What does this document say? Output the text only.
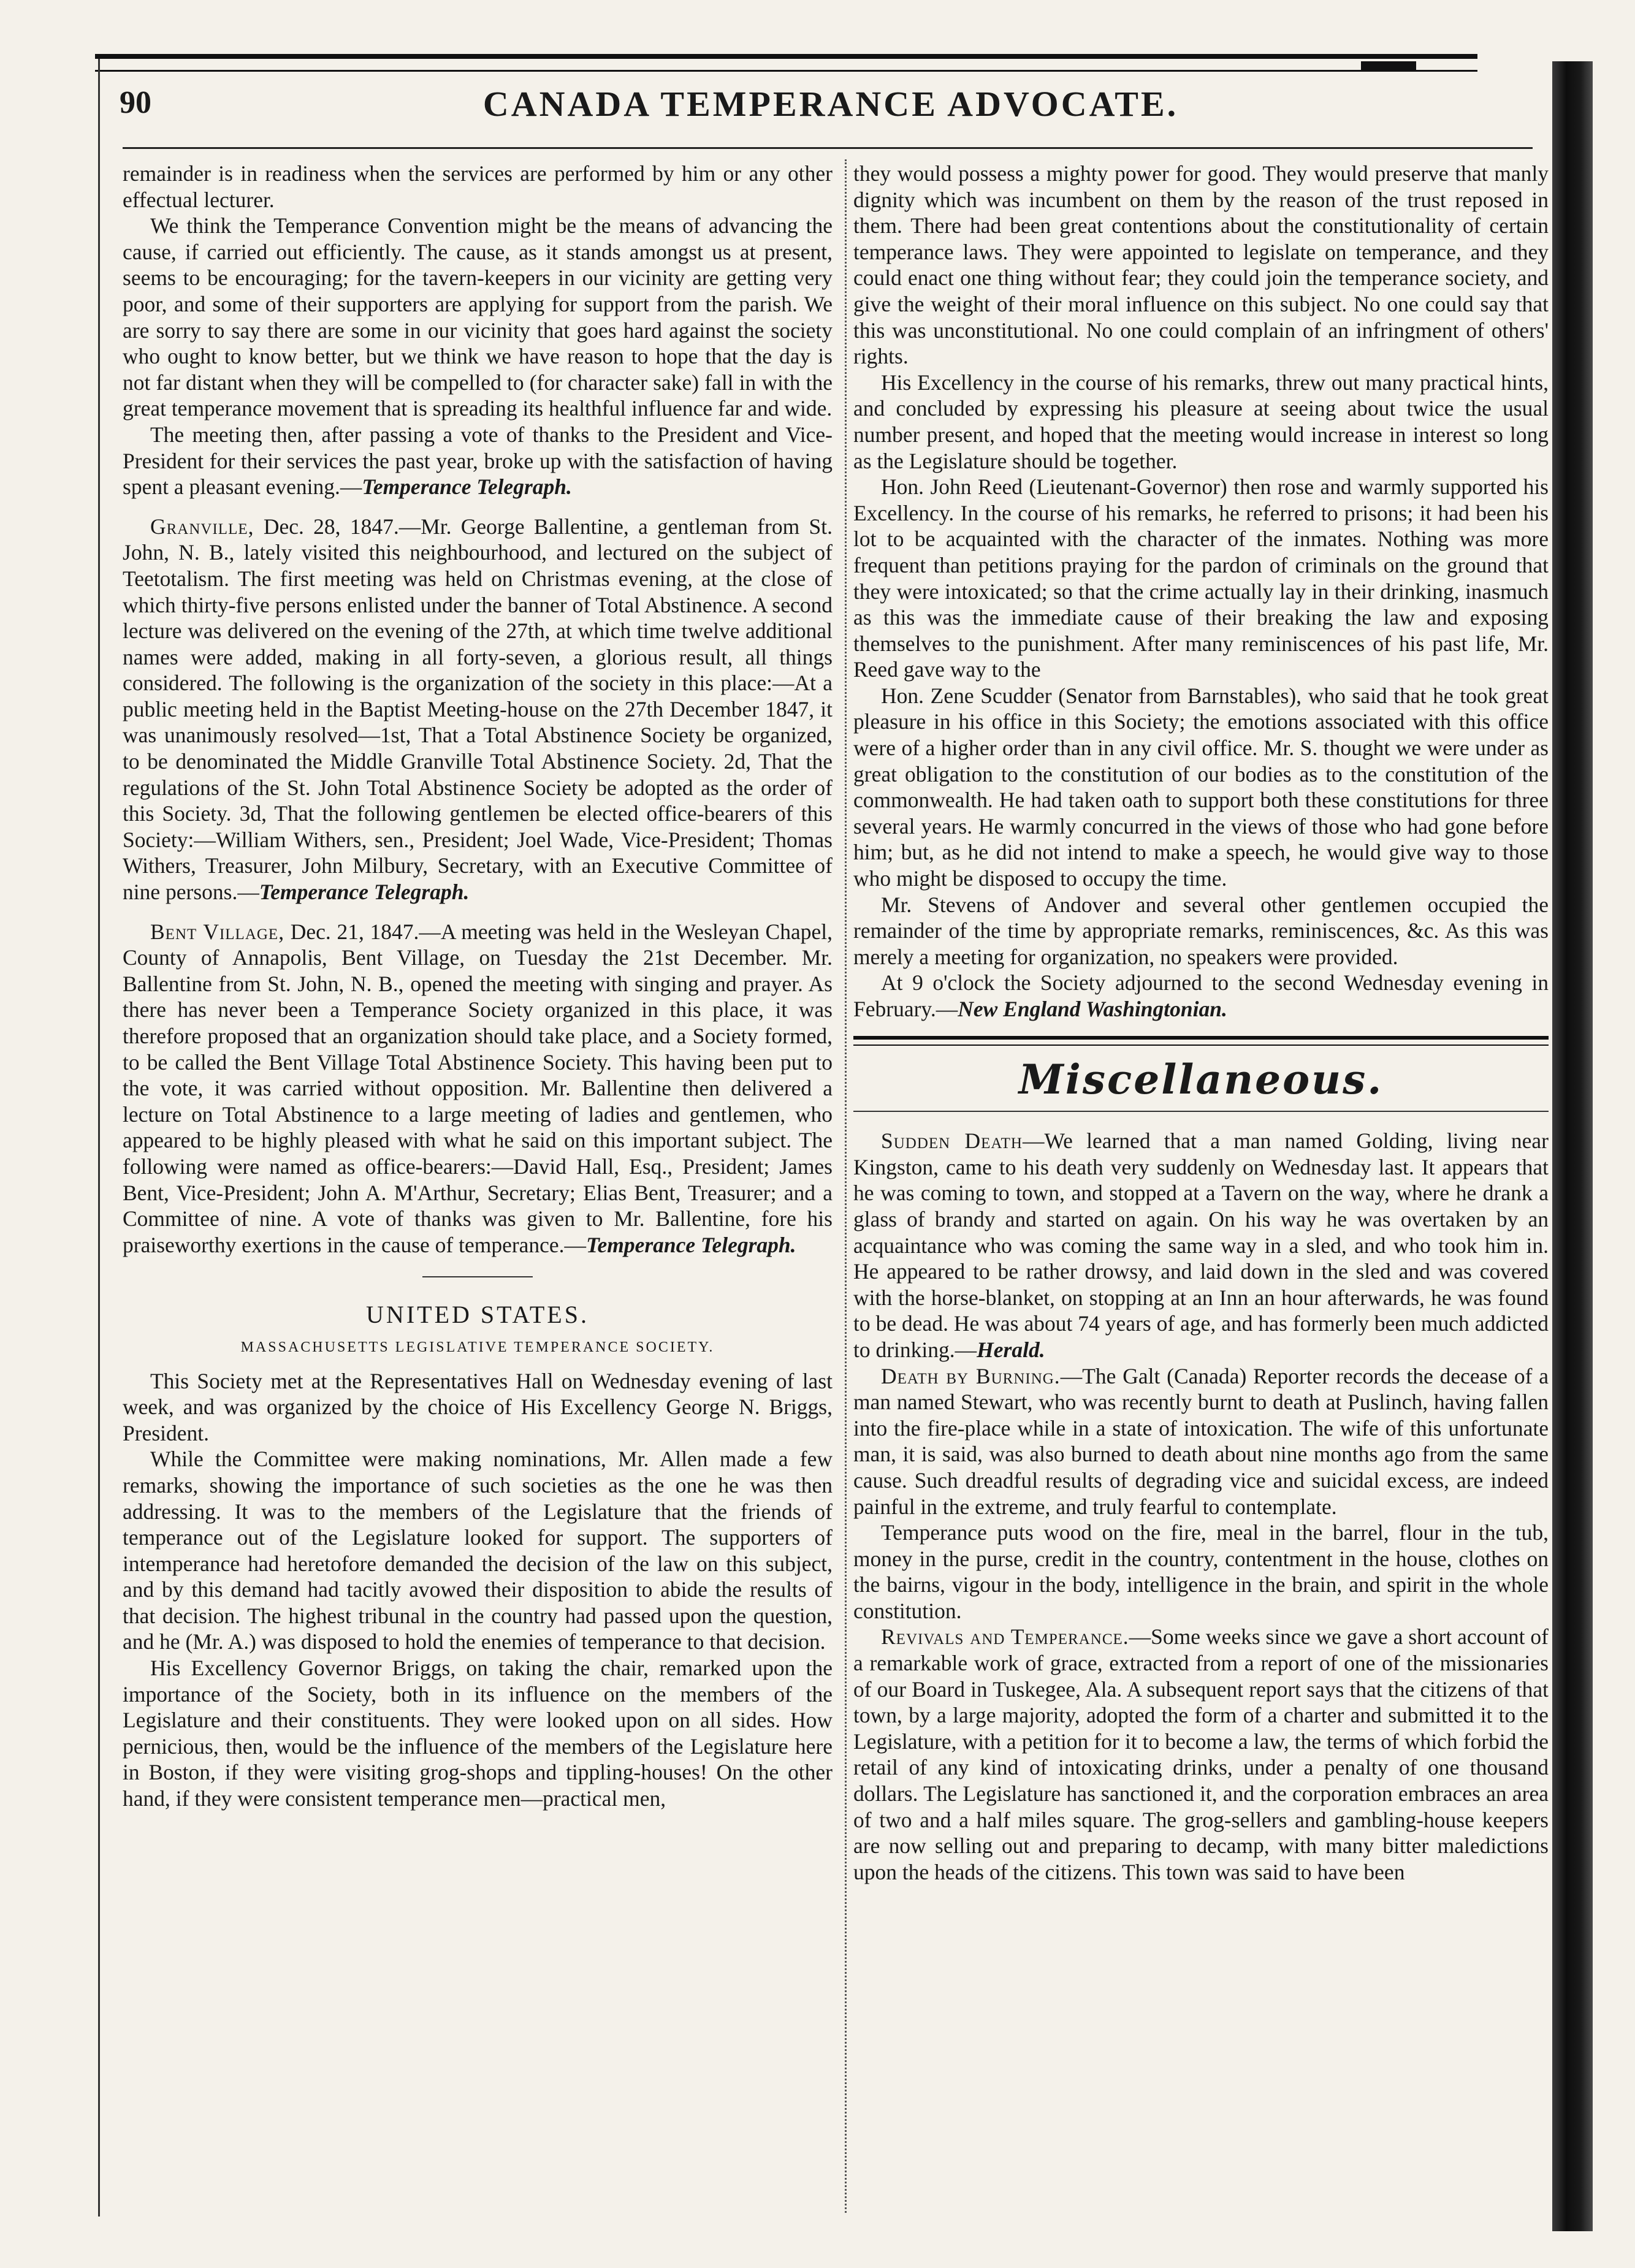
90	CANADA TEMPERANCE ADVOCATE.

remainder is in readiness when the services are performed by him or any other effectual lecturer.

We think the Temperance Convention might be the means of advancing the cause, if carried out efficiently. The cause, as it stands amongst us at present, seems to be encouraging; for the tavern-keepers in our vicinity are getting very poor, and some of their supporters are applying for support from the parish. We are sorry to say there are some in our vicinity that goes hard against the society who ought to know better, but we think we have reason to hope that the day is not far distant when they will be compelled to (for character sake) fall in with the great temperance movement that is spreading its healthful influence far and wide.

The meeting then, after passing a vote of thanks to the President and Vice-President for their services the past year, broke up with the satisfaction of having spent a pleasant evening.—Temperance Telegraph.

Granville, Dec. 28, 1847.—Mr. George Ballentine, a gentleman from St. John, N. B., lately visited this neighbourhood, and lectured on the subject of Teetotalism. The first meeting was held on Christmas evening, at the close of which thirty-five persons enlisted under the banner of Total Abstinence. A second lecture was delivered on the evening of the 27th, at which time twelve additional names were added, making in all forty-seven, a glorious result, all things considered. The following is the organization of the society in this place:—At a public meeting held in the Baptist Meeting-house on the 27th December 1847, it was unanimously resolved—1st, That a Total Abstinence Society be organized, to be denominated the Middle Granville Total Abstinence Society. 2d, That the regulations of the St. John Total Abstinence Society be adopted as the order of this Society. 3d, That the following gentlemen be elected office-bearers of this Society:—William Withers, sen., President; Joel Wade, Vice-President; Thomas Withers, Treasurer, John Milbury, Secretary, with an Executive Committee of nine persons.—Temperance Telegraph.

Bent Village, Dec. 21, 1847.—A meeting was held in the Wesleyan Chapel, County of Annapolis, Bent Village, on Tuesday the 21st December. Mr. Ballentine from St. John, N. B., opened the meeting with singing and prayer. As there has never been a Temperance Society organized in this place, it was therefore proposed that an organization should take place, and a Society formed, to be called the Bent Village Total Abstinence Society. This having been put to the vote, it was carried without opposition. Mr. Ballentine then delivered a lecture on Total Abstinence to a large meeting of ladies and gentlemen, who appeared to be highly pleased with what he said on this important subject. The following were named as office-bearers:—David Hall, Esq., President; James Bent, Vice-President; John A. M'Arthur, Secretary; Elias Bent, Treasurer; and a Committee of nine. A vote of thanks was given to Mr. Ballentine, fore his praiseworthy exertions in the cause of temperance.—Temperance Telegraph.

UNITED STATES.
MASSACHUSETTS LEGISLATIVE TEMPERANCE SOCIETY.

This Society met at the Representatives Hall on Wednesday evening of last week, and was organized by the choice of His Excellency George N. Briggs, President.

While the Committee were making nominations, Mr. Allen made a few remarks, showing the importance of such societies as the one he was then addressing. It was to the members of the Legislature that the friends of temperance out of the Legislature looked for support. The supporters of intemperance had heretofore demanded the decision of the law on this subject, and by this demand had tacitly avowed their disposition to abide the results of that decision. The highest tribunal in the country had passed upon the question, and he (Mr. A.) was disposed to hold the enemies of temperance to that decision.

His Excellency Governor Briggs, on taking the chair, remarked upon the importance of the Society, both in its influence on the members of the Legislature and their constituents. They were looked upon on all sides. How pernicious, then, would be the influence of the members of the Legislature here in Boston, if they were visiting grog-shops and tippling-houses! On the other hand, if they were consistent temperance men—practical men,

they would possess a mighty power for good. They would preserve that manly dignity which was incumbent on them by the reason of the trust reposed in them. There had been great contentions about the constitutionality of certain temperance laws. They were appointed to legislate on temperance, and they could enact one thing without fear; they could join the temperance society, and give the weight of their moral influence on this subject. No one could say that this was unconstitutional. No one could complain of an infringment of others' rights.

His Excellency in the course of his remarks, threw out many practical hints, and concluded by expressing his pleasure at seeing about twice the usual number present, and hoped that the meeting would increase in interest so long as the Legislature should be together.

Hon. John Reed (Lieutenant-Governor) then rose and warmly supported his Excellency. In the course of his remarks, he referred to prisons; it had been his lot to be acquainted with the character of the inmates. Nothing was more frequent than petitions praying for the pardon of criminals on the ground that they were intoxicated; so that the crime actually lay in their drinking, inasmuch as this was the immediate cause of their breaking the law and exposing themselves to the punishment. After many reminiscences of his past life, Mr. Reed gave way to the

Hon. Zene Scudder (Senator from Barnstables), who said that he took great pleasure in his office in this Society; the emotions associated with this office were of a higher order than in any civil office. Mr. S. thought we were under as great obligation to the constitution of our bodies as to the constitution of the commonwealth. He had taken oath to support both these constitutions for three several years. He warmly concurred in the views of those who had gone before him; but, as he did not intend to make a speech, he would give way to those who might be disposed to occupy the time.

Mr. Stevens of Andover and several other gentlemen occupied the remainder of the time by appropriate remarks, reminiscences, &c. As this was merely a meeting for organization, no speakers were provided.

At 9 o'clock the Society adjourned to the second Wednesday evening in February.—New England Washingtonian.

Miscellaneous.

Sudden Death—We learned that a man named Golding, living near Kingston, came to his death very suddenly on Wednesday last. It appears that he was coming to town, and stopped at a Tavern on the way, where he drank a glass of brandy and started on again. On his way he was overtaken by an acquaintance who was coming the same way in a sled, and who took him in. He appeared to be rather drowsy, and laid down in the sled and was covered with the horse-blanket, on stopping at an Inn an hour afterwards, he was found to be dead. He was about 74 years of age, and has formerly been much addicted to drinking.—Herald.

Death by Burning.—The Galt (Canada) Reporter records the decease of a man named Stewart, who was recently burnt to death at Puslinch, having fallen into the fire-place while in a state of intoxication. The wife of this unfortunate man, it is said, was also burned to death about nine months ago from the same cause. Such dreadful results of degrading vice and suicidal excess, are indeed painful in the extreme, and truly fearful to contemplate.

Temperance puts wood on the fire, meal in the barrel, flour in the tub, money in the purse, credit in the country, contentment in the house, clothes on the bairns, vigour in the body, intelligence in the brain, and spirit in the whole constitution.

Revivals and Temperance.—Some weeks since we gave a short account of a remarkable work of grace, extracted from a report of one of the missionaries of our Board in Tuskegee, Ala. A subsequent report says that the citizens of that town, by a large majority, adopted the form of a charter and submitted it to the Legislature, with a petition for it to become a law, the terms of which forbid the retail of any kind of intoxicating drinks, under a penalty of one thousand dollars. The Legislature has sanctioned it, and the corporation embraces an area of two and a half miles square. The grog-sellers and gambling-house keepers are now selling out and preparing to decamp, with many bitter maledictions upon the heads of the citizens. This town was said to have been
